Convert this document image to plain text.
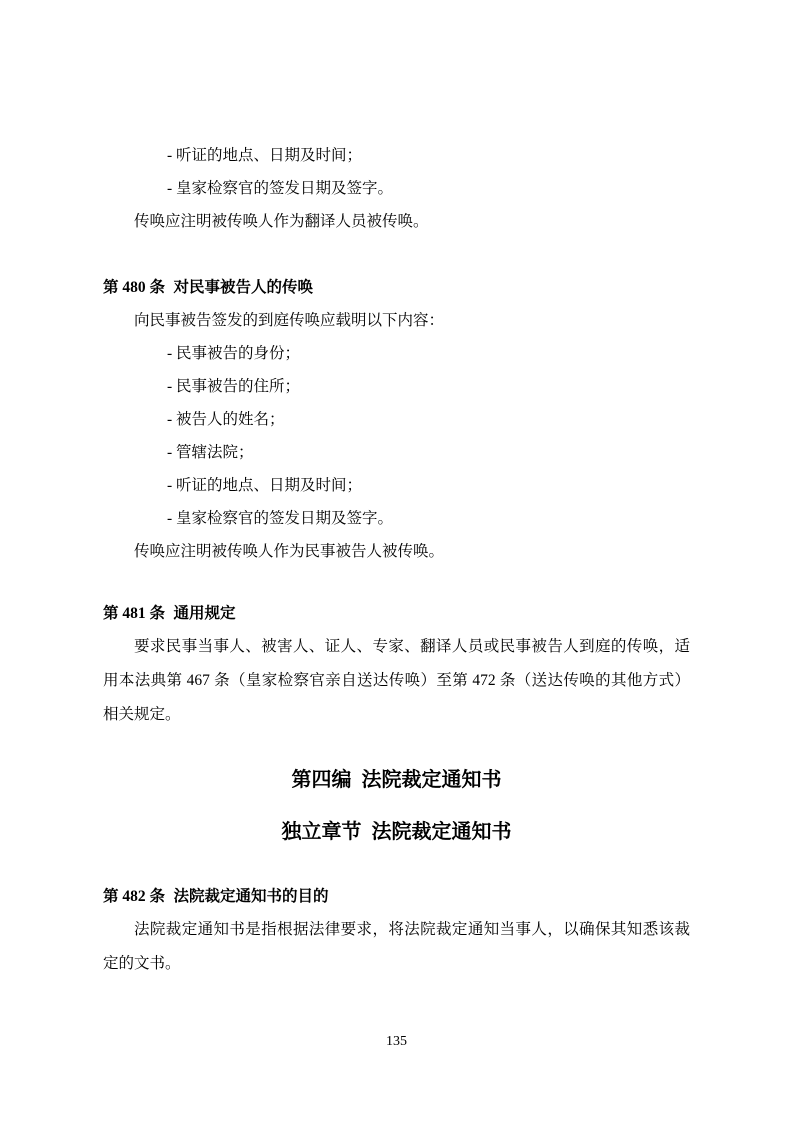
- 听证的地点、日期及时间；

- 皇家检察官的签发日期及签字。

传唤应注明被传唤人作为翻译人员被传唤。

第 480 条 对民事被告人的传唤

向民事被告签发的到庭传唤应载明以下内容：

- 民事被告的身份；

- 民事被告的住所；

- 被告人的姓名；

- 管辖法院；

- 听证的地点、日期及时间；

- 皇家检察官的签发日期及签字。

传唤应注明被传唤人作为民事被告人被传唤。

第 481 条 通用规定

要求民事当事人、被害人、证人、专家、翻译人员或民事被告人到庭的传唤，适用本法典第 467 条（皇家检察官亲自送达传唤）至第 472 条（送达传唤的其他方式）相关规定。

第四编 法院裁定通知书

独立章节 法院裁定通知书

第 482 条 法院裁定通知书的目的

法院裁定通知书是指根据法律要求，将法院裁定通知当事人，以确保其知悉该裁定的文书。

135
